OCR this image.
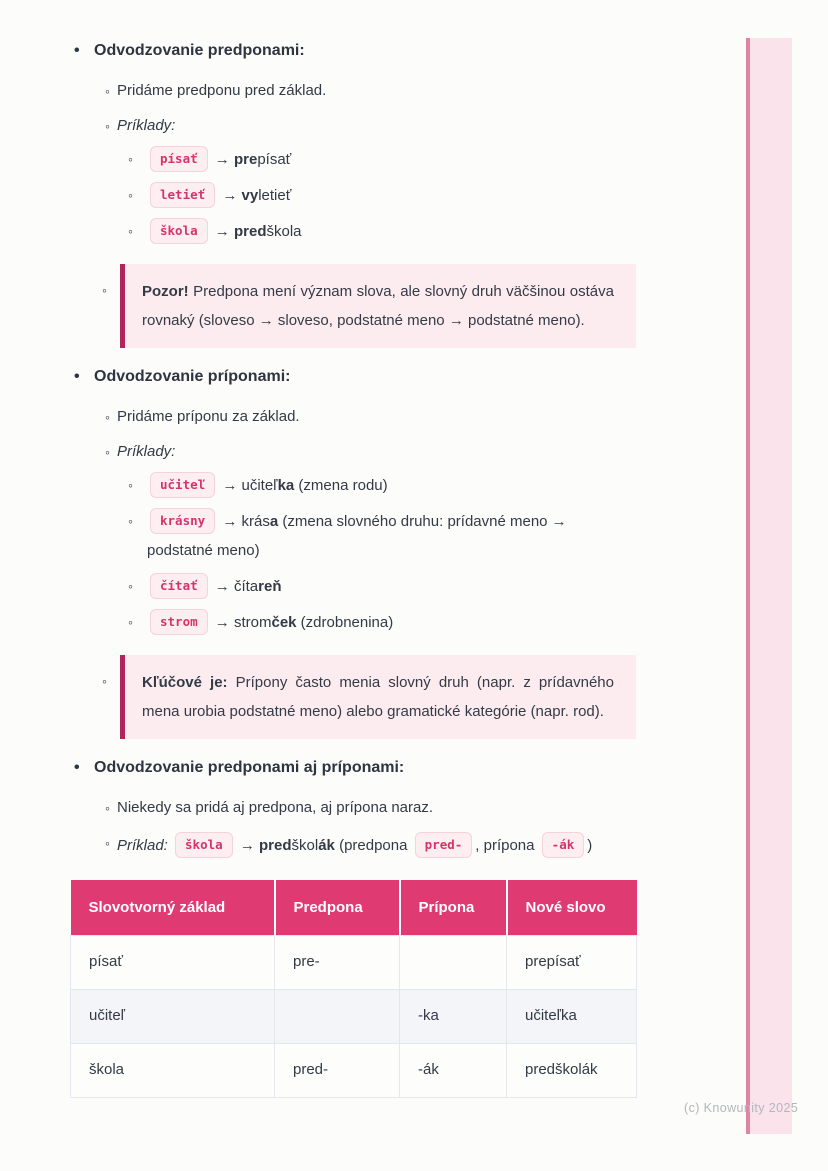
(c) Knowunity 2025
• Odvodzovanie predponami:
◦ Pridáme predponu pred základ.
◦ Príklady:
◦ písať → prepísať
◦ letieť → vyletieť
◦ škola → predškola
◦ Pozor! Predpona mení význam slova, ale slovný druh väčšinou ostáva rovnaký (sloveso → sloveso, podstatné meno → podstatné meno).
• Odvodzovanie príponami:
◦ Pridáme príponu za základ.
◦ Príklady:
◦ učiteľ → učiteľka (zmena rodu)
◦ krásny → krása (zmena slovného druhu: prídavné meno → podstatné meno)
◦ čítať → čítareň
◦ strom → stromček (zdrobnenina)
◦ Kľúčové je: Prípony často menia slovný druh (napr. z prídavného mena urobia podstatné meno) alebo gramatické kategórie (napr. rod).
• Odvodzovanie predponami aj príponami:
◦ Niekedy sa pridá aj predpona, aj prípona naraz.
◦ Príklad: škola → predškolák (predpona pred- , prípona -ák )
Slovotvorný základ	Predpona	Prípona	Nové slovo
písať	pre-		prepísať
učiteľ		-ka	učiteľka
škola	pred-	-ák	predškolák
